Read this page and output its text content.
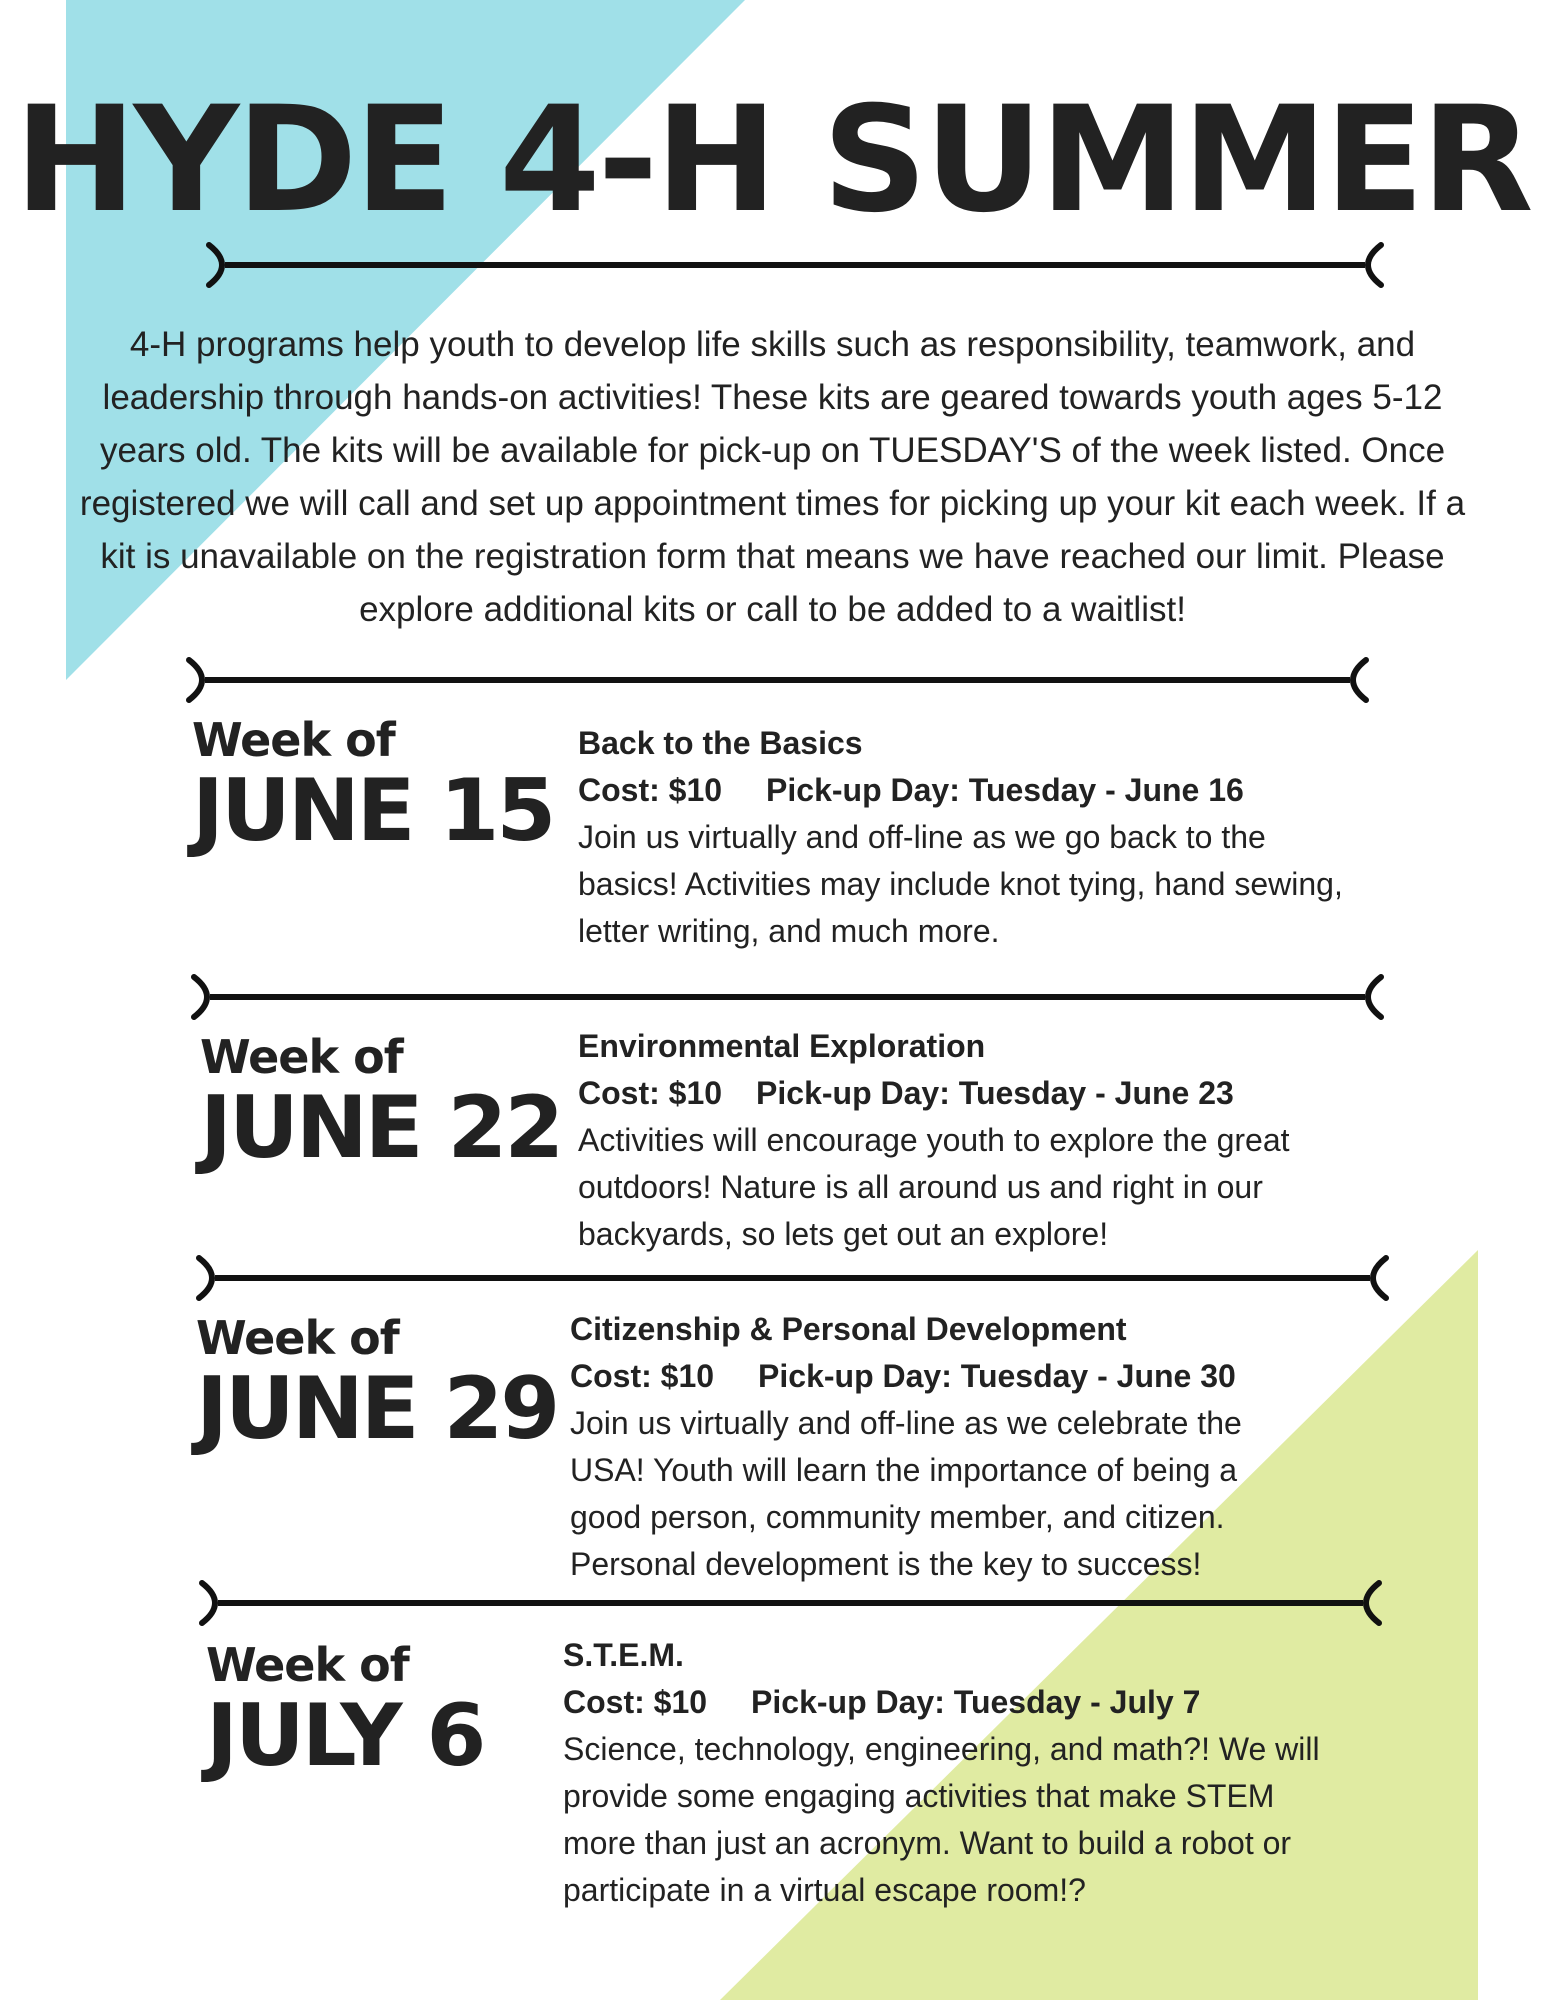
HYDE 4-H SUMMER

4-H programs help youth to develop life skills such as responsibility, teamwork, and leadership through hands-on activities! These kits are geared towards youth ages 5-12 years old. The kits will be available for pick-up on TUESDAY'S of the week listed. Once registered we will call and set up appointment times for picking up your kit each week. If a kit is unavailable on the registration form that means we have reached our limit. Please explore additional kits or call to be added to a waitlist!

Week of
JUNE 15
Back to the Basics
Cost: $10 Pick-up Day: Tuesday - June 16
Join us virtually and off-line as we go back to the basics! Activities may include knot tying, hand sewing, letter writing, and much more.
Week of
JUNE 22
Environmental Exploration
Cost: $10 Pick-up Day: Tuesday - June 23
Activities will encourage youth to explore the great outdoors! Nature is all around us and right in our backyards, so lets get out an explore!
Week of
JUNE 29
Citizenship & Personal Development
Cost: $10 Pick-up Day: Tuesday - June 30
Join us virtually and off-line as we celebrate the USA! Youth will learn the importance of being a good person, community member, and citizen. Personal development is the key to success!
Week of
JULY 6
S.T.E.M.
Cost: $10 Pick-up Day: Tuesday - July 7
Science, technology, engineering, and math?! We will provide some engaging activities that make STEM more than just an acronym. Want to build a robot or participate in a virtual escape room!?
